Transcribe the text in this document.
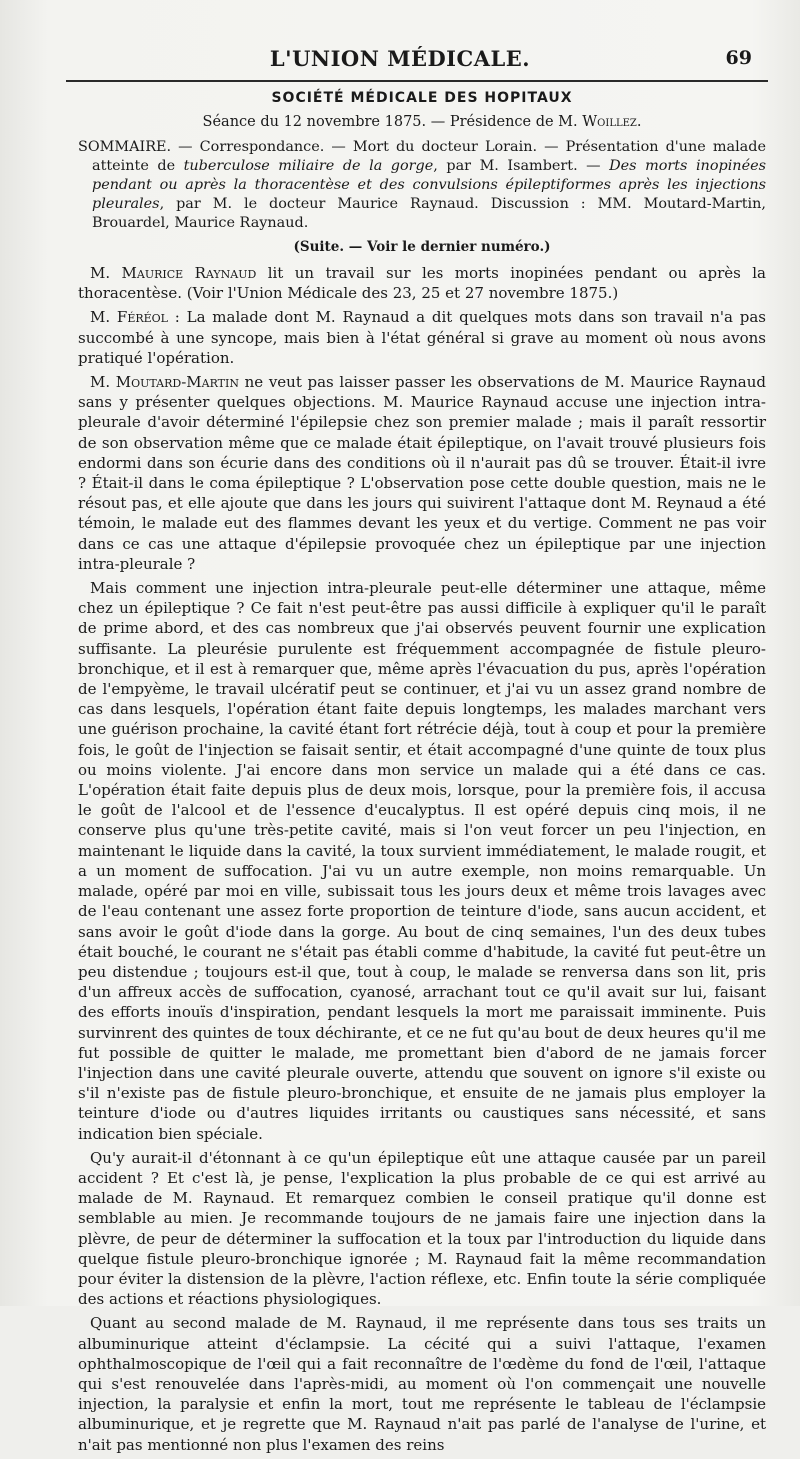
L'UNION MÉDICALE.	69
SOCIÉTÉ MÉDICALE DES HOPITAUX
Séance du 12 novembre 1875. — Présidence de M. Woillez.
SOMMAIRE. — Correspondance. — Mort du docteur Lorain. — Présentation d'une malade atteinte de tuberculose miliaire de la gorge, par M. Isambert. — Des morts inopinées pendant ou après la thoracentèse et des convulsions épileptiformes après les injections pleurales, par M. le docteur Maurice Raynaud. Discussion : MM. Moutard-Martin, Brouardel, Maurice Raynaud.
(Suite. — Voir le dernier numéro.)

M. Maurice Raynaud lit un travail sur les morts inopinées pendant ou après la thoracentèse. (Voir l'Union Médicale des 23, 25 et 27 novembre 1875.)

M. Féréol : La malade dont M. Raynaud a dit quelques mots dans son travail n'a pas succombé à une syncope, mais bien à l'état général si grave au moment où nous avons pratiqué l'opération.

M. Moutard-Martin ne veut pas laisser passer les observations de M. Maurice Raynaud sans y présenter quelques objections. M. Maurice Raynaud accuse une injection intra-pleurale d'avoir déterminé l'épilepsie chez son premier malade ; mais il paraît ressortir de son observation même que ce malade était épileptique, on l'avait trouvé plusieurs fois endormi dans son écurie dans des conditions où il n'aurait pas dû se trouver. Était-il ivre ? Était-il dans le coma épileptique ? L'observation pose cette double question, mais ne le résout pas, et elle ajoute que dans les jours qui suivirent l'attaque dont M. Reynaud a été témoin, le malade eut des flammes devant les yeux et du vertige. Comment ne pas voir dans ce cas une attaque d'épilepsie provoquée chez un épileptique par une injection intra-pleurale ?

Mais comment une injection intra-pleurale peut-elle déterminer une attaque, même chez un épileptique ? Ce fait n'est peut-être pas aussi difficile à expliquer qu'il le paraît de prime abord, et des cas nombreux que j'ai observés peuvent fournir une explication suffisante. La pleurésie purulente est fréquemment accompagnée de fistule pleuro-bronchique, et il est à remarquer que, même après l'évacuation du pus, après l'opération de l'empyème, le travail ulcératif peut se continuer, et j'ai vu un assez grand nombre de cas dans lesquels, l'opération étant faite depuis longtemps, les malades marchant vers une guérison prochaine, la cavité étant fort rétrécie déjà, tout à coup et pour la première fois, le goût de l'injection se faisait sentir, et était accompagné d'une quinte de toux plus ou moins violente. J'ai encore dans mon service un malade qui a été dans ce cas. L'opération était faite depuis plus de deux mois, lorsque, pour la première fois, il accusa le goût de l'alcool et de l'essence d'eucalyptus. Il est opéré depuis cinq mois, il ne conserve plus qu'une très-petite cavité, mais si l'on veut forcer un peu l'injection, en maintenant le liquide dans la cavité, la toux survient immédiatement, le malade rougit, et a un moment de suffocation. J'ai vu un autre exemple, non moins remarquable. Un malade, opéré par moi en ville, subissait tous les jours deux et même trois lavages avec de l'eau contenant une assez forte proportion de teinture d'iode, sans aucun accident, et sans avoir le goût d'iode dans la gorge. Au bout de cinq semaines, l'un des deux tubes était bouché, le courant ne s'était pas établi comme d'habitude, la cavité fut peut-être un peu distendue ; toujours est-il que, tout à coup, le malade se renversa dans son lit, pris d'un affreux accès de suffocation, cyanosé, arrachant tout ce qu'il avait sur lui, faisant des efforts inouïs d'inspiration, pendant lesquels la mort me paraissait imminente. Puis survinrent des quintes de toux déchirante, et ce ne fut qu'au bout de deux heures qu'il me fut possible de quitter le malade, me promettant bien d'abord de ne jamais forcer l'injection dans une cavité pleurale ouverte, attendu que souvent on ignore s'il existe ou s'il n'existe pas de fistule pleuro-bronchique, et ensuite de ne jamais plus employer la teinture d'iode ou d'autres liquides irritants ou caustiques sans nécessité, et sans indication bien spéciale.

Qu'y aurait-il d'étonnant à ce qu'un épileptique eût une attaque causée par un pareil accident ? Et c'est là, je pense, l'explication la plus probable de ce qui est arrivé au malade de M. Raynaud. Et remarquez combien le conseil pratique qu'il donne est semblable au mien. Je recommande toujours de ne jamais faire une injection dans la plèvre, de peur de déterminer la suffocation et la toux par l'introduction du liquide dans quelque fistule pleuro-bronchique ignorée ; M. Raynaud fait la même recommandation pour éviter la distension de la plèvre, l'action réflexe, etc. Enfin toute la série compliquée des actions et réactions physiologiques.

Quant au second malade de M. Raynaud, il me représente dans tous ses traits un albuminurique atteint d'éclampsie. La cécité qui a suivi l'attaque, l'examen ophthalmoscopique de l'œil qui a fait reconnaître de l'œdème du fond de l'œil, l'attaque qui s'est renouvelée dans l'après-midi, au moment où l'on commençait une nouvelle injection, la paralysie et enfin la mort, tout me représente le tableau de l'éclampsie albuminurique, et je regrette que M. Raynaud n'ait pas parlé de l'analyse de l'urine, et n'ait pas mentionné non plus l'examen des reins
